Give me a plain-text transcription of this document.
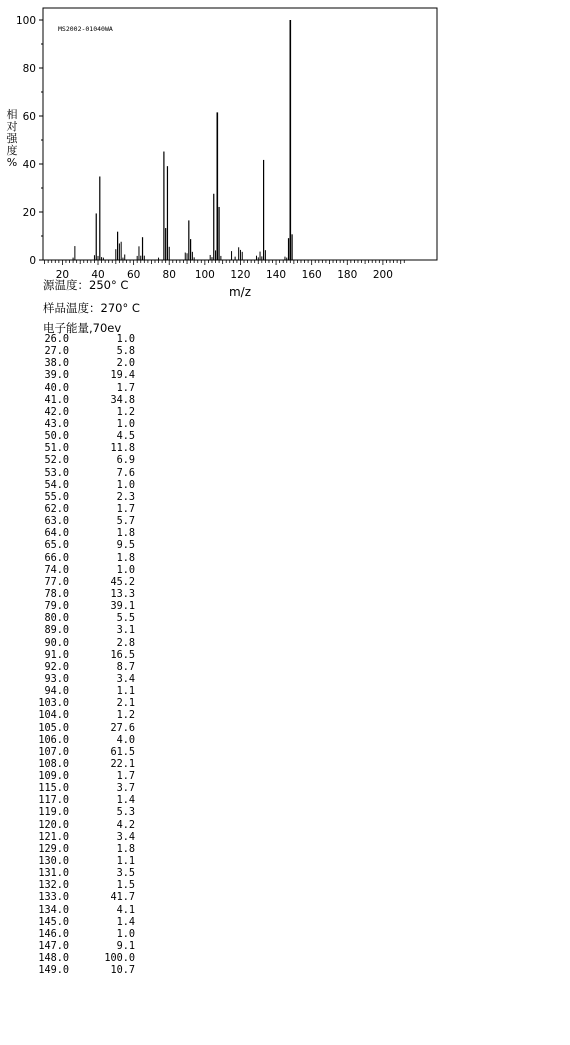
0
20
40
60
80
100
20 40 60 80 100 120 140 160 180 200
MS2002-01040WA
m/z
相对强度%
源温度：250° C
样品温度：270° C
电子能量,70ev
26.0	1.0
27.0	5.8
38.0	2.0
39.0	19.4
40.0	1.7
41.0	34.8
42.0	1.2
43.0	1.0
50.0	4.5
51.0	11.8
52.0	6.9
53.0	7.6
54.0	1.0
55.0	2.3
62.0	1.7
63.0	5.7
64.0	1.8
65.0	9.5
66.0	1.8
74.0	1.0
77.0	45.2
78.0	13.3
79.0	39.1
80.0	5.5
89.0	3.1
90.0	2.8
91.0	16.5
92.0	8.7
93.0	3.4
94.0	1.1
103.0	2.1
104.0	1.2
105.0	27.6
106.0	4.0
107.0	61.5
108.0	22.1
109.0	1.7
115.0	3.7
117.0	1.4
119.0	5.3
120.0	4.2
121.0	3.4
129.0	1.8
130.0	1.1
131.0	3.5
132.0	1.5
133.0	41.7
134.0	4.1
145.0	1.4
146.0	1.0
147.0	9.1
148.0	100.0
149.0	10.7
